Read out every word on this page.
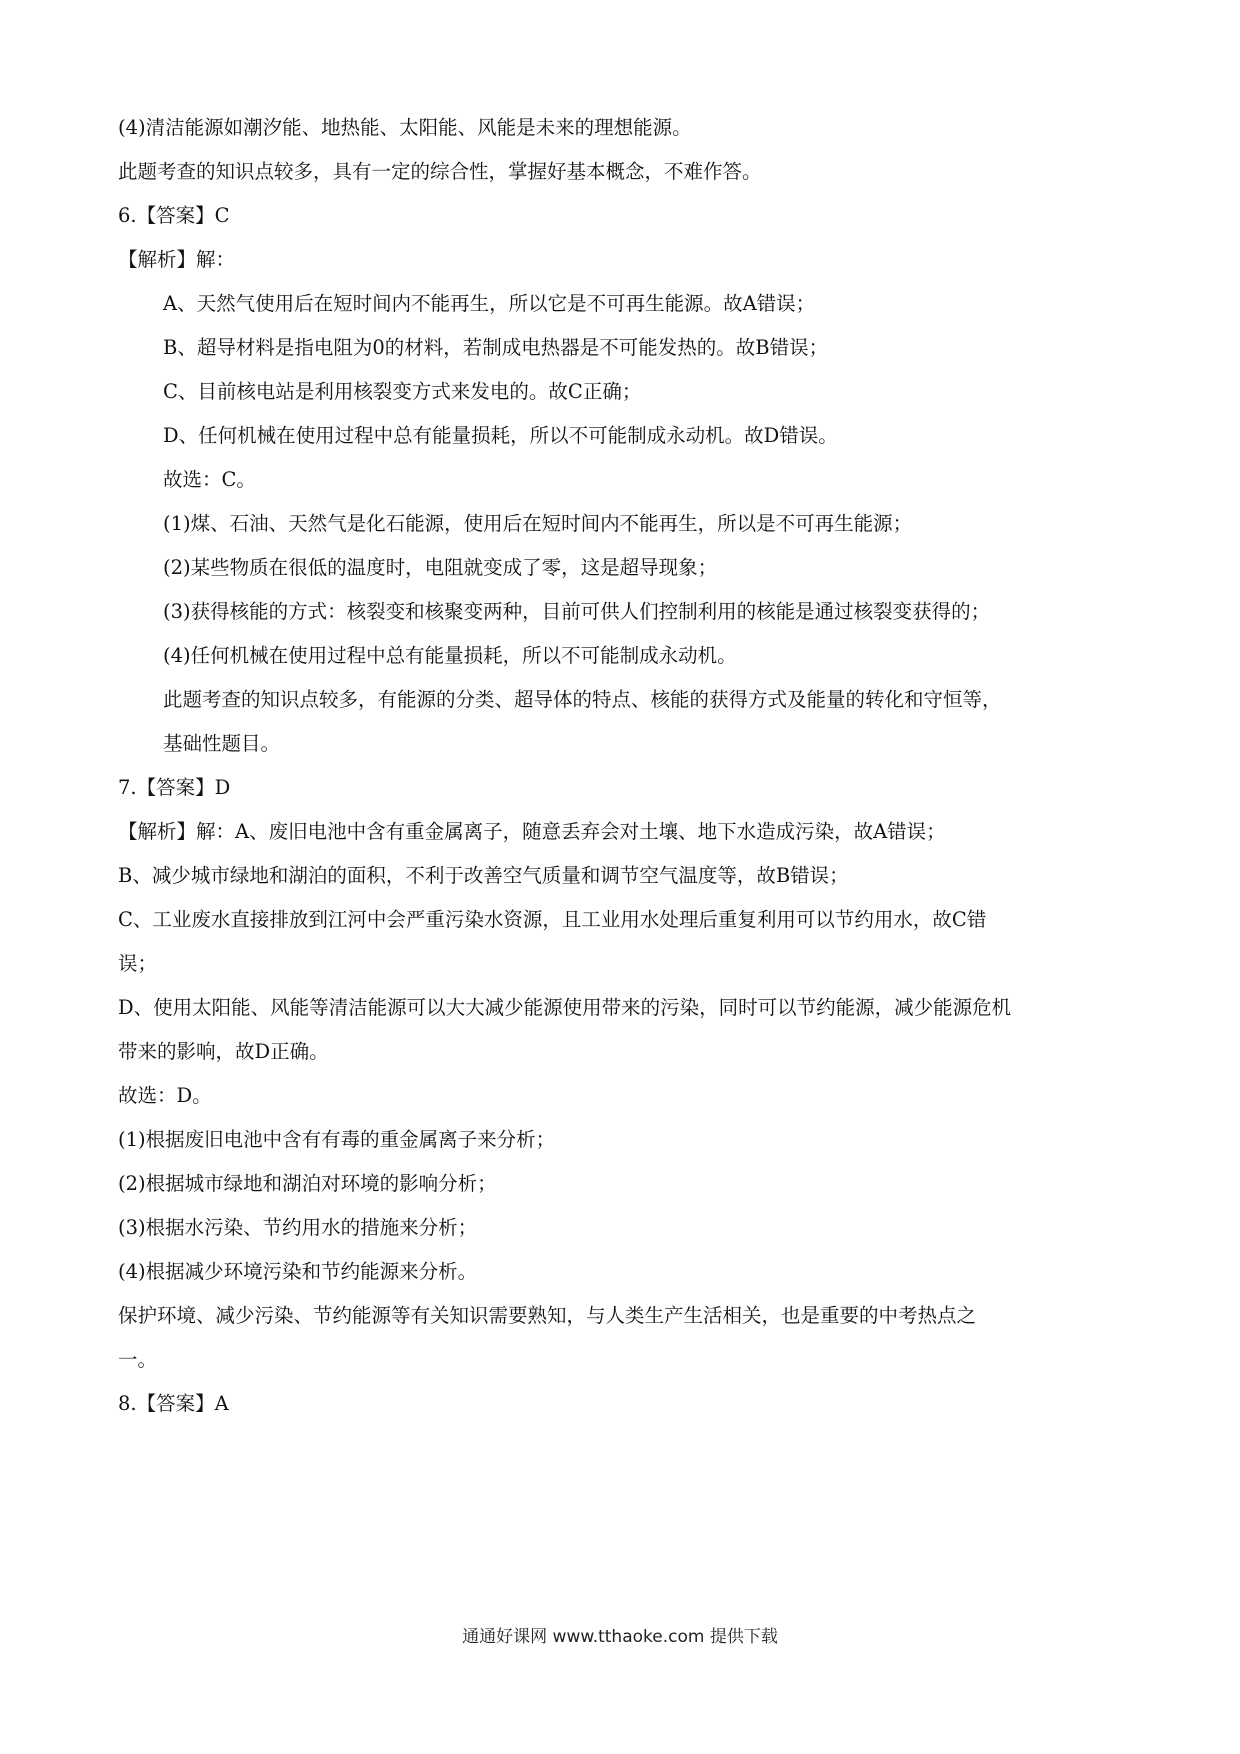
(4)清洁能源如潮汐能、地热能、太阳能、风能是未来的理想能源。
此题考查的知识点较多，具有一定的综合性，掌握好基本概念，不难作答。
6.【答案】C
【解析】解：
A、天然气使用后在短时间内不能再生，所以它是不可再生能源。故A错误；
B、超导材料是指电阻为0的材料，若制成电热器是不可能发热的。故B错误；
C、目前核电站是利用核裂变方式来发电的。故C正确；
D、任何机械在使用过程中总有能量损耗，所以不可能制成永动机。故D错误。
故选：C。
(1)煤、石油、天然气是化石能源，使用后在短时间内不能再生，所以是不可再生能源；
(2)某些物质在很低的温度时，电阻就变成了零，这是超导现象；
(3)获得核能的方式：核裂变和核聚变两种，目前可供人们控制利用的核能是通过核裂变获得的；
(4)任何机械在使用过程中总有能量损耗，所以不可能制成永动机。
此题考查的知识点较多，有能源的分类、超导体的特点、核能的获得方式及能量的转化和守恒等，
基础性题目。
7.【答案】D
【解析】解：A、废旧电池中含有重金属离子，随意丢弃会对土壤、地下水造成污染，故A错误；
B、减少城市绿地和湖泊的面积，不利于改善空气质量和调节空气温度等，故B错误；
C、工业废水直接排放到江河中会严重污染水资源，且工业用水处理后重复利用可以节约用水，故C错
误；
D、使用太阳能、风能等清洁能源可以大大减少能源使用带来的污染，同时可以节约能源，减少能源危机
带来的影响，故D正确。
故选：D。
(1)根据废旧电池中含有有毒的重金属离子来分析；
(2)根据城市绿地和湖泊对环境的影响分析；
(3)根据水污染、节约用水的措施来分析；
(4)根据减少环境污染和节约能源来分析。
保护环境、减少污染、节约能源等有关知识需要熟知，与人类生产生活相关，也是重要的中考热点之
一。
8.【答案】A
通通好课网 www.tthaoke.com 提供下载
